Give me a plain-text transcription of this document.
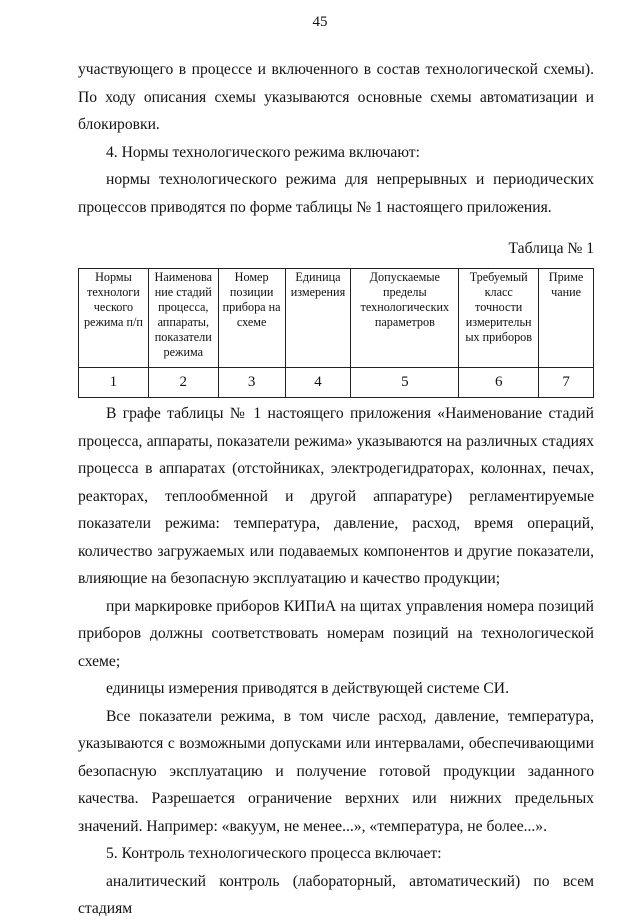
45

участвующего в процессе и включенного в состав технологической схемы). По ходу описания схемы указываются основные схемы автоматизации и блокировки.

4. Нормы технологического режима включают:

нормы технологического режима для непрерывных и периодических процессов приводятся по форме таблицы № 1 настоящего приложения.

Таблица № 1
Нормы технологи ческого режима п/п	Наименова ние стадий процесса, аппараты, показатели режима	Номер позиции прибора на схеме	Единица измерения	Допускаемые пределы технологических параметров	Требуемый класс точности измерительн ых приборов	Приме чание
1	2	3	4	5	6	7

В графе таблицы № 1 настоящего приложения «Наименование стадий процесса, аппараты, показатели режима» указываются на различных стадиях процесса в аппаратах (отстойниках, электродегидраторах, колоннах, печах, реакторах, теплообменной и другой аппаратуре) регламентируемые показатели режима: температура, давление, расход, время операций, количество загружаемых или подаваемых компонентов и другие показатели, влияющие на безопасную эксплуатацию и качество продукции;

при маркировке приборов КИПиА на щитах управления номера позиций приборов должны соответствовать номерам позиций на технологической схеме;

единицы измерения приводятся в действующей системе СИ.

Все показатели режима, в том числе расход, давление, температура, указываются с возможными допусками или интервалами, обеспечивающими безопасную эксплуатацию и получение готовой продукции заданного качества. Разрешается ограничение верхних или нижних предельных значений. Например: «вакуум, не менее...», «температура, не более...».

5. Контроль технологического процесса включает:

аналитический контроль (лабораторный, автоматический) по всем стадиям
